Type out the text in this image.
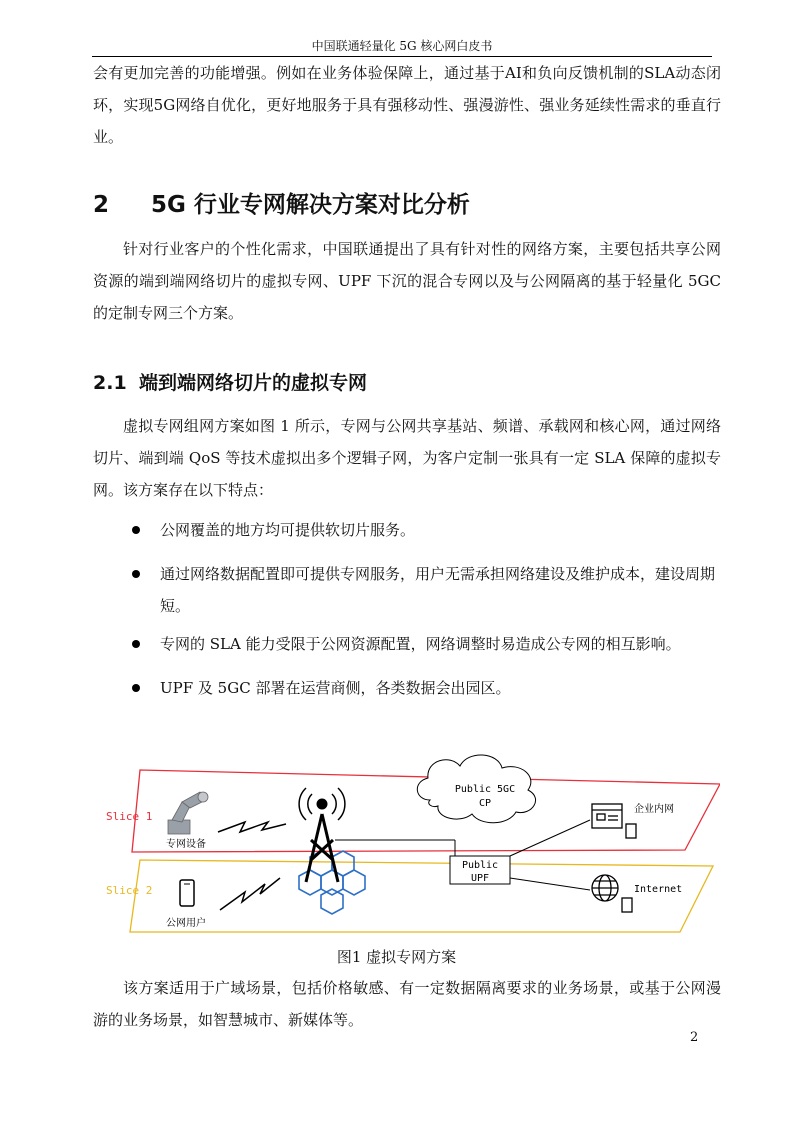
中国联通轻量化 5G 核心网白皮书

会有更加完善的功能增强。例如在业务体验保障上，通过基于AI和负向反馈机制的SLA动态闭环，实现5G网络自优化，更好地服务于具有强移动性、强漫游性、强业务延续性需求的垂直行业。

2 5G 行业专网解决方案对比分析

针对行业客户的个性化需求，中国联通提出了具有针对性的网络方案，主要包括共享公网资源的端到端网络切片的虚拟专网、UPF 下沉的混合专网以及与公网隔离的基于轻量化 5GC 的定制专网三个方案。

2.1 端到端网络切片的虚拟专网

虚拟专网组网方案如图 1 所示，专网与公网共享基站、频谱、承载网和核心网，通过网络切片、端到端 QoS 等技术虚拟出多个逻辑子网，为客户定制一张具有一定 SLA 保障的虚拟专网。该方案存在以下特点：

公网覆盖的地方均可提供软切片服务。
通过网络数据配置即可提供专网服务，用户无需承担网络建设及维护成本，建设周期短。
专网的 SLA 能力受限于公网资源配置，网络调整时易造成公专网的相互影响。
UPF 及 5GC 部署在运营商侧，各类数据会出园区。
Slice 1
Slice 2
专网设备
公网用户
Public 5GC
CP
Public
UPF
企业内网
Internet
图1 虚拟专网方案

该方案适用于广域场景，包括价格敏感、有一定数据隔离要求的业务场景，或基于公网漫游的业务场景，如智慧城市、新媒体等。

2
